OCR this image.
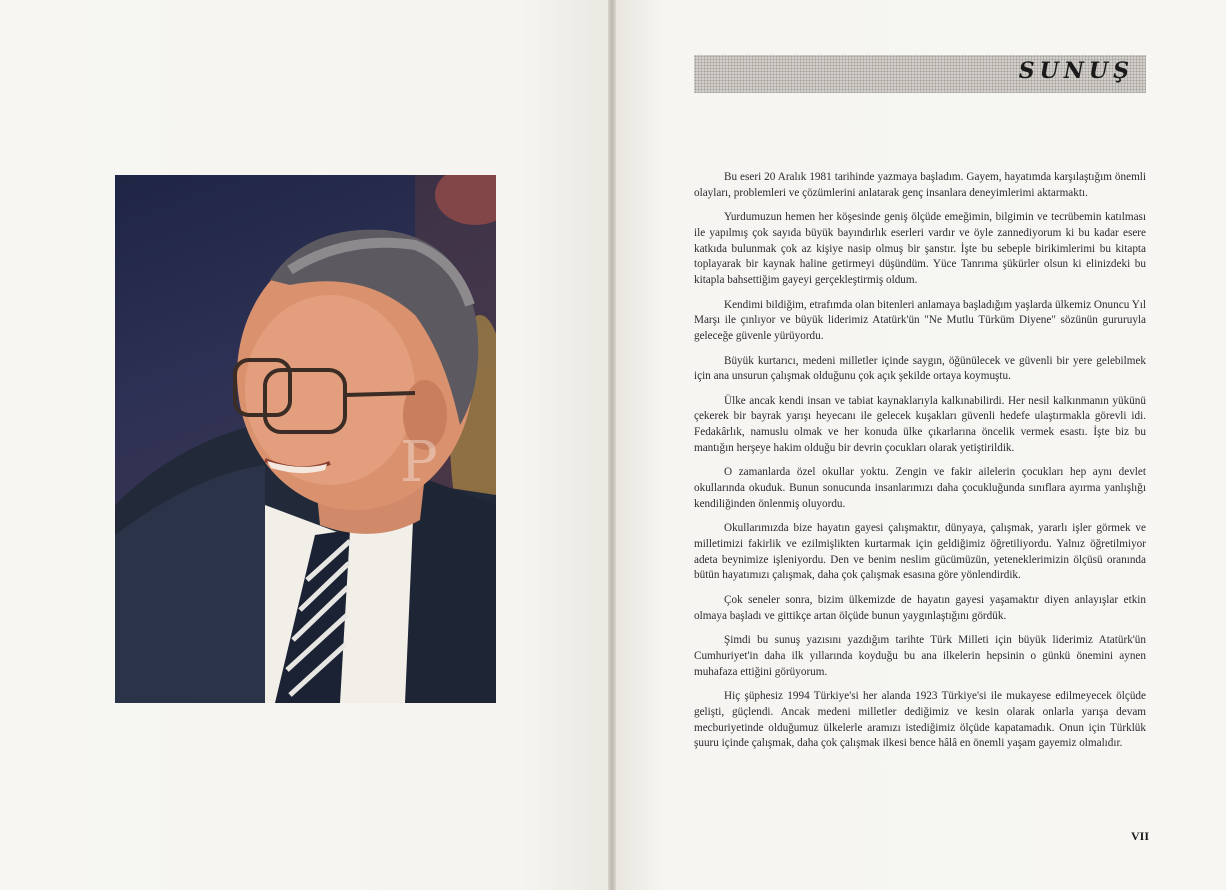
P
SUNUŞ

Bu eseri 20 Aralık 1981 tarihinde yazmaya başladım. Gayem, hayatımda karşılaştığım önemli olayları, problemleri ve çözümlerini anlatarak genç insanlara deneyimlerimi aktarmaktı.

Yurdumuzun hemen her köşesinde geniş ölçüde emeğimin, bilgimin ve tecrübemin katılması ile yapılmış çok sayıda büyük bayındırlık eserleri vardır ve öyle zannediyorum ki bu kadar esere katkıda bulunmak çok az kişiye nasip olmuş bir şanstır. İşte bu sebeple birikimlerimi bu kitapta toplayarak bir kaynak haline getirmeyi düşündüm. Yüce Tanrıma şükürler olsun ki elinizdeki bu kitapla bahsettiğim gayeyi gerçekleştirmiş oldum.

Kendimi bildiğim, etrafımda olan bitenleri anlamaya başladığım yaşlarda ülkemiz Onuncu Yıl Marşı ile çınlıyor ve büyük liderimiz Atatürk'ün "Ne Mutlu Türküm Diyene" sözünün gururuyla geleceğe güvenle yürüyordu.

Büyük kurtarıcı, medeni milletler içinde saygın, öğünülecek ve güvenli bir yere gelebilmek için ana unsurun çalışmak olduğunu çok açık şekilde ortaya koymuştu.

Ülke ancak kendi insan ve tabiat kaynaklarıyla kalkınabilirdi. Her nesil kalkınmanın yükünü çekerek bir bayrak yarışı heyecanı ile gelecek kuşakları güvenli hedefe ulaştırmakla görevli idi. Fedakârlık, namuslu olmak ve her konuda ülke çıkarlarına öncelik vermek esastı. İşte biz bu mantığın herşeye hakim olduğu bir devrin çocukları olarak yetiştirildik.

O zamanlarda özel okullar yoktu. Zengin ve fakir ailelerin çocukları hep aynı devlet okullarında okuduk. Bunun sonucunda insanlarımızı daha çocukluğunda sınıflara ayırma yanlışlığı kendiliğinden önlenmiş oluyordu.

Okullarımızda bize hayatın gayesi çalışmaktır, dünyaya, çalışmak, yararlı işler görmek ve milletimizi fakirlik ve ezilmişlikten kurtarmak için geldiğimiz öğretiliyordu. Yalnız öğretilmiyor adeta beynimize işleniyordu. Den ve benim neslim gücümüzün, yeteneklerimizin ölçüsü oranında bütün hayatımızı çalışmak, daha çok çalışmak esasına göre yönlendirdik.

Çok seneler sonra, bizim ülkemizde de hayatın gayesi yaşamaktır diyen anlayışlar etkin olmaya başladı ve gittikçe artan ölçüde bunun yaygınlaştığını gördük.

Şimdi bu sunuş yazısını yazdığım tarihte Türk Milleti için büyük liderimiz Atatürk'ün Cumhuriyet'in daha ilk yıllarında koyduğu bu ana ilkelerin hepsinin o günkü önemini aynen muhafaza ettiğini görüyorum.

Hiç şüphesiz 1994 Türkiye'si her alanda 1923 Türkiye'si ile mukayese edilmeyecek ölçüde gelişti, güçlendi. Ancak medeni milletler dediğimiz ve kesin olarak onlarla yarışa devam mecburiyetinde olduğumuz ülkelerle aramızı istediğimiz ölçüde kapatamadık. Onun için Türklük şuuru içinde çalışmak, daha çok çalışmak ilkesi bence hâlâ en önemli yaşam gayemiz olmalıdır.

VII
